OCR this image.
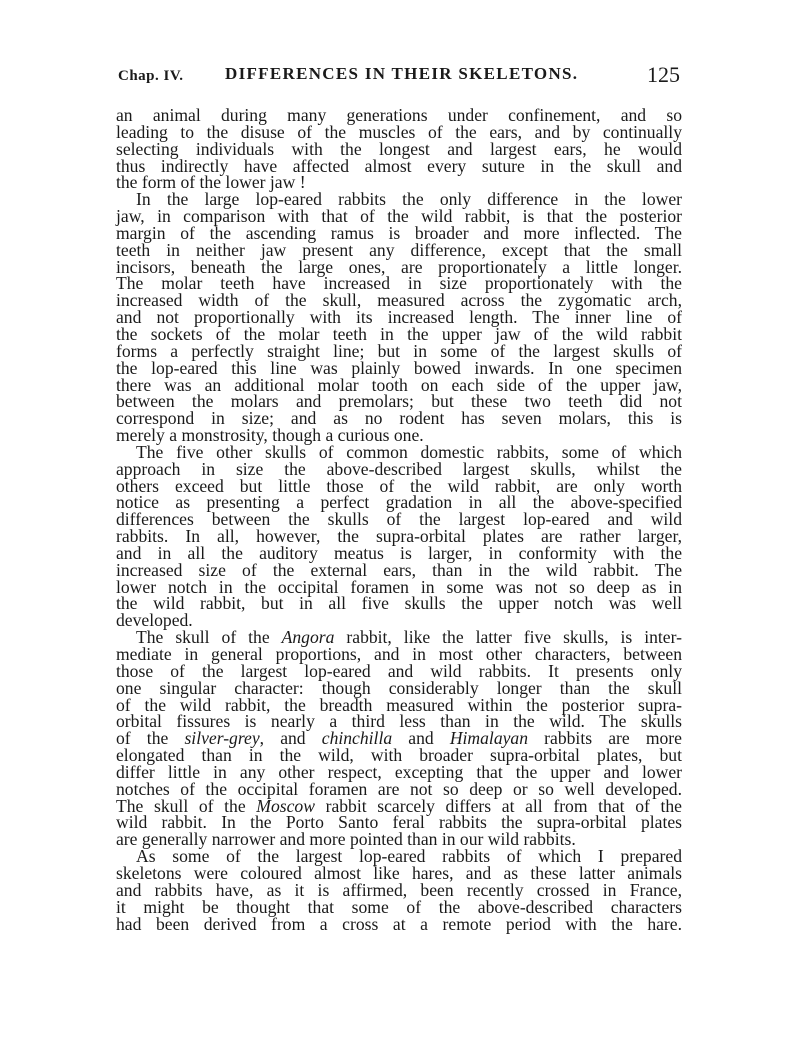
Chap. IV. DIFFERENCES IN THEIR SKELETONS.	125
an animal during many generations under confinement, and so
leading to the disuse of the muscles of the ears, and by continually
selecting individuals with the longest and largest ears, he would
thus indirectly have affected almost every suture in the skull and
the form of the lower jaw !
In the large lop-eared rabbits the only difference in the lower
jaw, in comparison with that of the wild rabbit, is that the posterior
margin of the ascending ramus is broader and more inflected. The
teeth in neither jaw present any difference, except that the small
incisors, beneath the large ones, are proportionately a little longer.
The molar teeth have increased in size proportionately with the
increased width of the skull, measured across the zygomatic arch,
and not proportionally with its increased length. The inner line of
the sockets of the molar teeth in the upper jaw of the wild rabbit
forms a perfectly straight line; but in some of the largest skulls of
the lop-eared this line was plainly bowed inwards. In one specimen
there was an additional molar tooth on each side of the upper jaw,
between the molars and premolars; but these two teeth did not
correspond in size; and as no rodent has seven molars, this is
merely a monstrosity, though a curious one.
The five other skulls of common domestic rabbits, some of which
approach in size the above-described largest skulls, whilst the
others exceed but little those of the wild rabbit, are only worth
notice as presenting a perfect gradation in all the above-specified
differences between the skulls of the largest lop-eared and wild
rabbits. In all, however, the supra-orbital plates are rather larger,
and in all the auditory meatus is larger, in conformity with the
increased size of the external ears, than in the wild rabbit. The
lower notch in the occipital foramen in some was not so deep as in
the wild rabbit, but in all five skulls the upper notch was well
developed.
The skull of the Angora rabbit, like the latter five skulls, is inter-
mediate in general proportions, and in most other characters, between
those of the largest lop-eared and wild rabbits. It presents only
one singular character: though considerably longer than the skull
of the wild rabbit, the breadth measured within the posterior supra-
orbital fissures is nearly a third less than in the wild. The skulls
of the silver-grey, and chinchilla and Himalayan rabbits are more
elongated than in the wild, with broader supra-orbital plates, but
differ little in any other respect, excepting that the upper and lower
notches of the occipital foramen are not so deep or so well developed.
The skull of the Moscow rabbit scarcely differs at all from that of the
wild rabbit. In the Porto Santo feral rabbits the supra-orbital plates
are generally narrower and more pointed than in our wild rabbits.
As some of the largest lop-eared rabbits of which I prepared
skeletons were coloured almost like hares, and as these latter animals
and rabbits have, as it is affirmed, been recently crossed in France,
it might be thought that some of the above-described characters
had been derived from a cross at a remote period with the hare.
